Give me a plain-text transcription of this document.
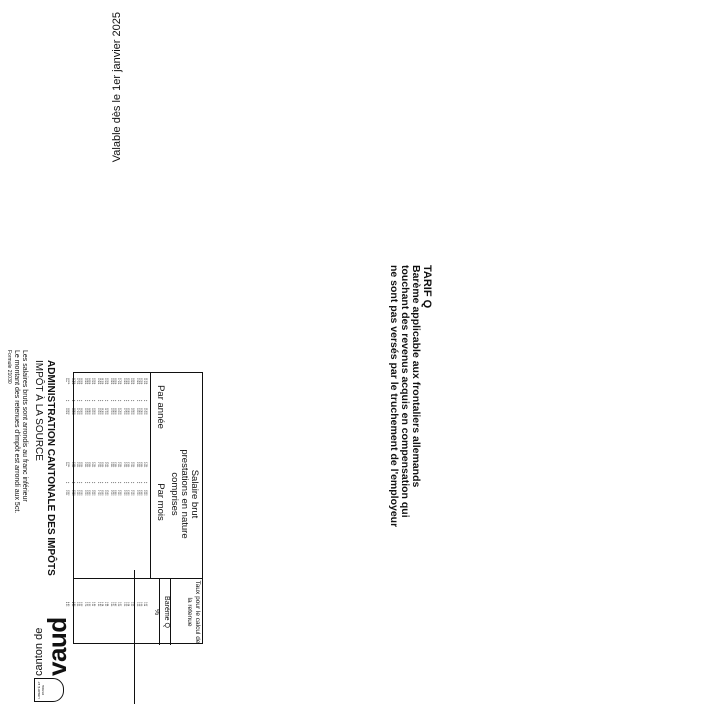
LIBERTÉ ET PATRIE
canton de
vaud
ADMINISTRATION CANTONALE DES IMPÔTS
IMPÔT À LA SOURCE
TARIF Q
Barème applicable aux frontaliers allemands
touchant des revenus acquis en compensation qui
ne sont pas versés par le truchement de l'employeur
Valable dès le 1er janvier 2025
Salaire brut
prestations en nature
comprises
Par année
Par mois
Taux pour le calcul de la retenue
Barème Q
%
21'001
à
21'600
1'751
à
1'800
0.12
21'601
à
22'200
1'801
à
1'850
0.14
22'201
à
22'800
1'851
à
1'900
0.16
22'801
à
23'400
1'901
à
1'950
0.18
23'401
à
24'000
1'951
à
2'000
0.19
24'001
à
24'600
2'001
à
2'050
0.21
24'601
à
25'200
2'051
à
2'100
0.22
25'201
à
25'800
2'101
à
2'150
0.24
25'801
à
26'400
2'151
à
2'200
0.25
26'401
à
27'000
2'201
à
2'250
0.26
27'001
à
27'600
2'251
à
2'300
0.27
27'601
à
28'200
2'301
à
2'350
0.28
28'201
à
28'800
2'351
à
2'400
0.42
28'801
à
29'400
2'401
à
2'450
0.57
29'401
à
30'000
2'451
à
2'500
0.69
30'001
à
30'600
2'501
à
2'550
0.84
30'601
à
31'200
2'551
à
2'600
1.02
31'201
à
31'800
2'601
à
2'650
1.24
31'801
à
32'400
2'651
à
2'700
1.43
32'401
à
33'000
2'701
à
2'750
1.66
33'001
à
33'600
2'751
à
2'800
1.86
33'601
à
34'200
2'801
à
2'850
2.11
34'201
à
34'800
2'851
à
2'900
2.32
34'801
à
35'400
2'901
à
2'950
2.52
35'401
à
36'000
2'951
à
3'000
2.79
36'001
à
36'600
3'001
à
3'050
3.03
36'601
à
37'200
3'051
à
3'100
3.31
37'201
à
37'800
3'101
à
3'150
3.56
37'801
à
38'400
3'151
à
3'200
3.83
38'401
à
39'000
3'201
à
3'250
4.15
39'001
à
39'600
3'251
à
3'300
4.40
Dès
à
39'601
Dès
à
3'301
4.50
Les salaires bruts sont arrondis au franc inférieur
Le montant des retenues d'impôt est arrondi aux 5ct.
Formule 21030
